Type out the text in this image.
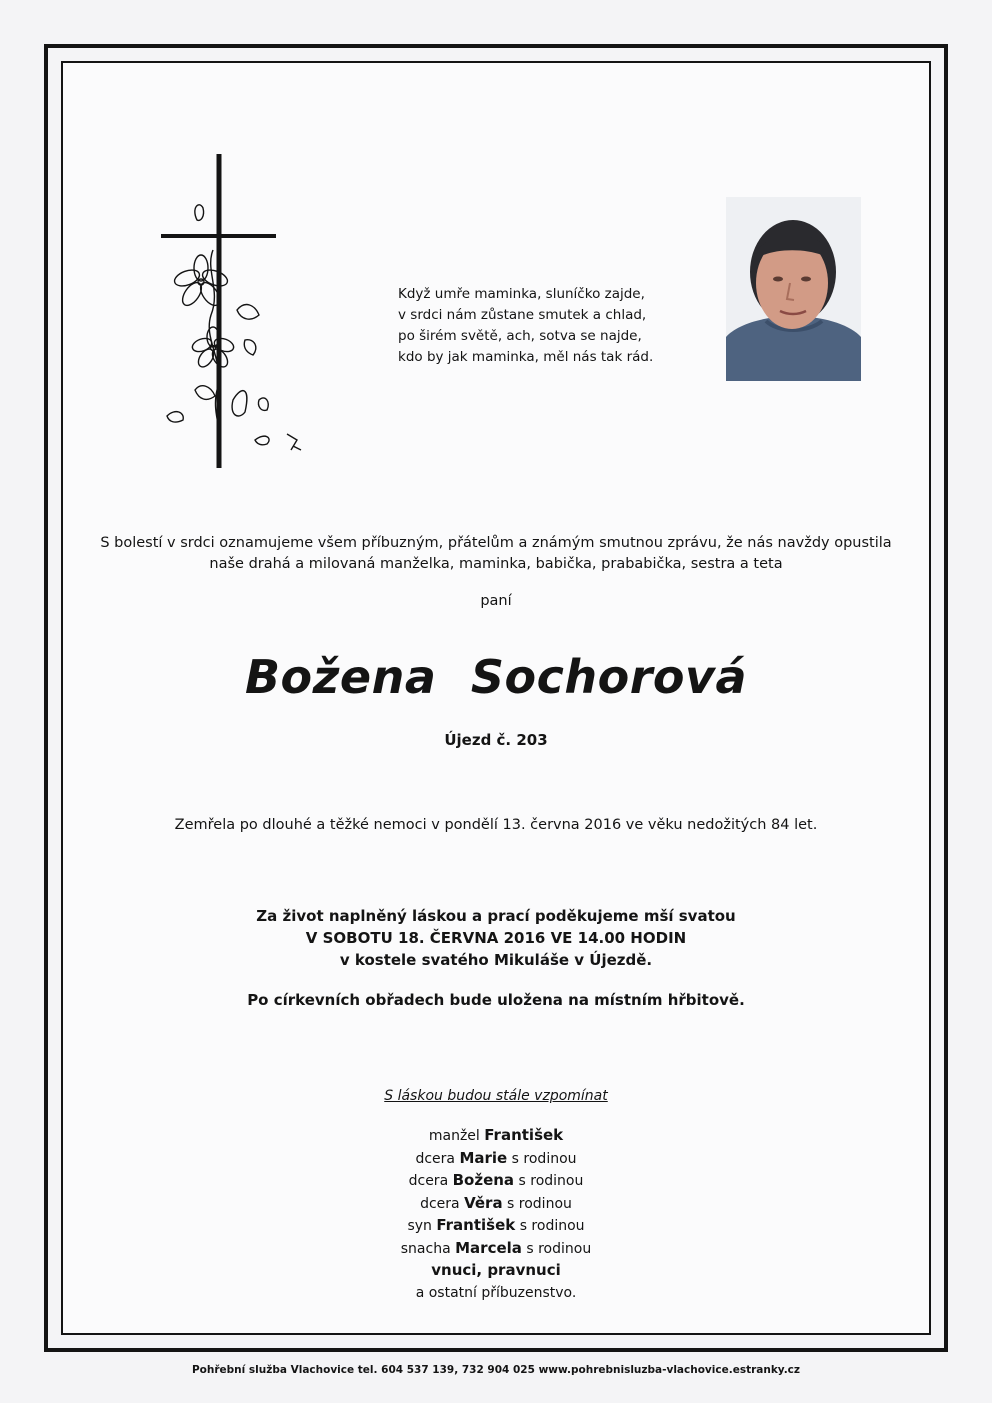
Když umře maminka, sluníčko zajde,
v srdci nám zůstane smutek a chlad,
po širém světě, ach, sotva se najde,
kdo by jak maminka, měl nás tak rád.
S bolestí v srdci oznamujeme všem příbuzným, přátelům a známým smutnou zprávu, že nás navždy opustila
naše drahá a milovaná manželka, maminka, babička, prababička, sestra a teta
paní
Božena Sochorová
Újezd č. 203
Zemřela po dlouhé a těžké nemoci v pondělí 13. června 2016 ve věku nedožitých 84 let.
Za život naplněný láskou a prací poděkujeme mší svatou
V SOBOTU 18. ČERVNA 2016 VE 14.00 HODIN
v kostele svatého Mikuláše v Újezdě.
Po církevních obřadech bude uložena na místním hřbitově.
S láskou budou stále vzpomínat
manžel František
dcera Marie s rodinou
dcera Božena s rodinou
dcera Věra s rodinou
syn František s rodinou
snacha Marcela s rodinou
vnuci, pravnuci
a ostatní příbuzenstvo.
Pohřební služba Vlachovice tel. 604 537 139, 732 904 025 www.pohrebnisluzba-vlachovice.estranky.cz
